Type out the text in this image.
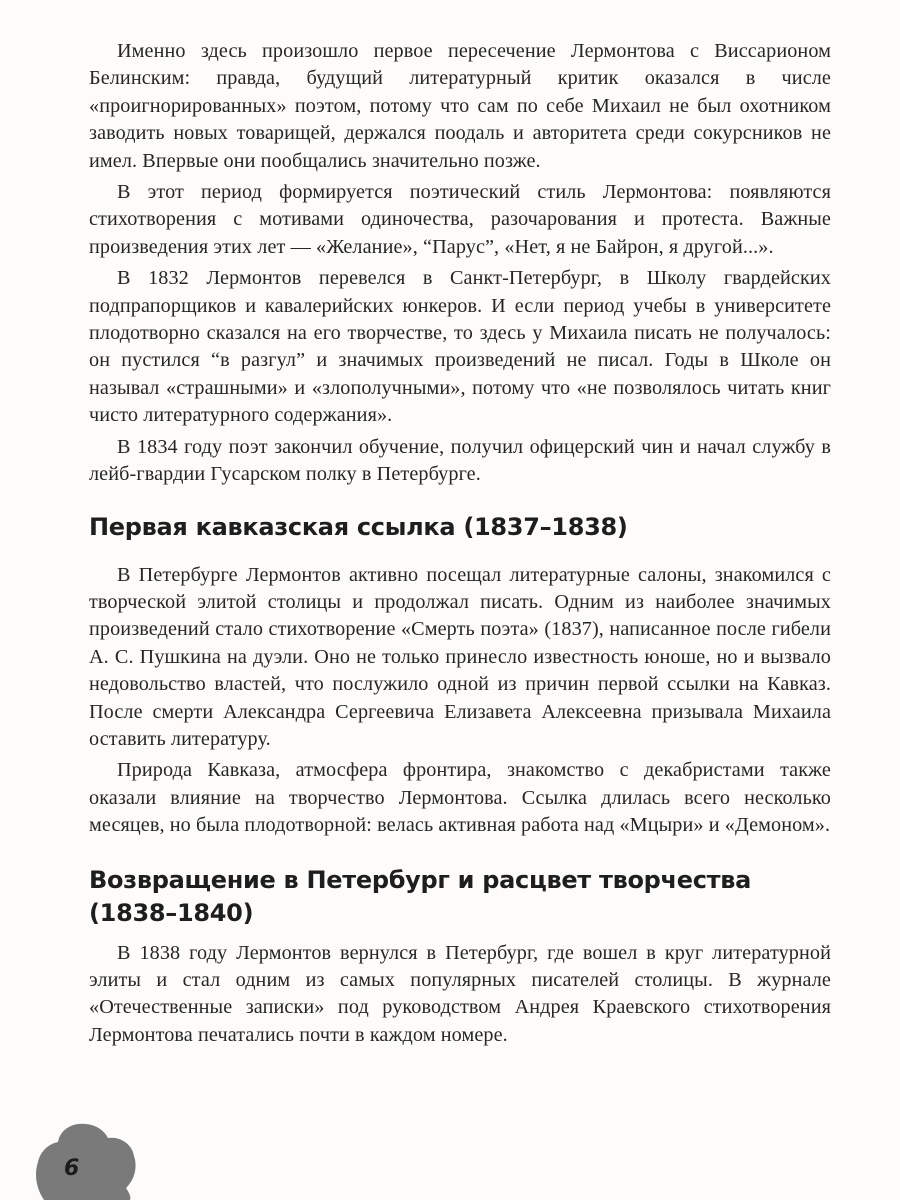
Именно здесь произошло первое пересечение Лермонтова с Виссарионом Белинским: правда, будущий литературный критик оказался в числе «проигнорированных» поэтом, потому что сам по себе Михаил не был охотником заводить новых товарищей, держался поодаль и авторитета среди сокурсников не имел. Впервые они пообщались значительно позже.

В этот период формируется поэтический стиль Лермонтова: появляются стихотворения с мотивами одиночества, разочарования и протеста. Важные произведения этих лет — «Желание», “Парус”, «Нет, я не Байрон, я другой...».

В 1832 Лермонтов перевелся в Санкт-Петербург, в Школу гвардейских подпрапорщиков и кавалерийских юнкеров. И если период учебы в университете плодотворно сказался на его творчестве, то здесь у Михаила писать не получалось: он пустился “в разгул” и значимых произведений не писал. Годы в Школе он называл «страшными» и «злополучными», потому что «не позволялось читать книг чисто литературного содержания».

В 1834 году поэт закончил обучение, получил офицерский чин и начал службу в лейб-гвардии Гусарском полку в Петербурге.

Первая кавказская ссылка (1837–1838)

В Петербурге Лермонтов активно посещал литературные салоны, знакомился с творческой элитой столицы и продолжал писать. Одним из наиболее значимых произведений стало стихотворение «Смерть поэта» (1837), написанное после гибели А. С. Пушкина на дуэли. Оно не только принесло известность юноше, но и вызвало недовольство властей, что послужило одной из причин первой ссылки на Кавказ. После смерти Александра Сергеевича Елизавета Алексеевна призывала Михаила оставить литературу.

Природа Кавказа, атмосфера фронтира, знакомство с декабристами также оказали влияние на творчество Лермонтова. Ссылка длилась всего несколько месяцев, но была плодотворной: велась активная работа над «Мцыри» и «Демоном».

Возвращение в Петербург и расцвет творчества (1838–1840)

В 1838 году Лермонтов вернулся в Петербург, где вошел в круг литературной элиты и стал одним из самых популярных писателей столицы. В журнале «Отечественные записки» под руководством Андрея Краевского стихотворения Лермонтова печатались почти в каждом номере.

6
